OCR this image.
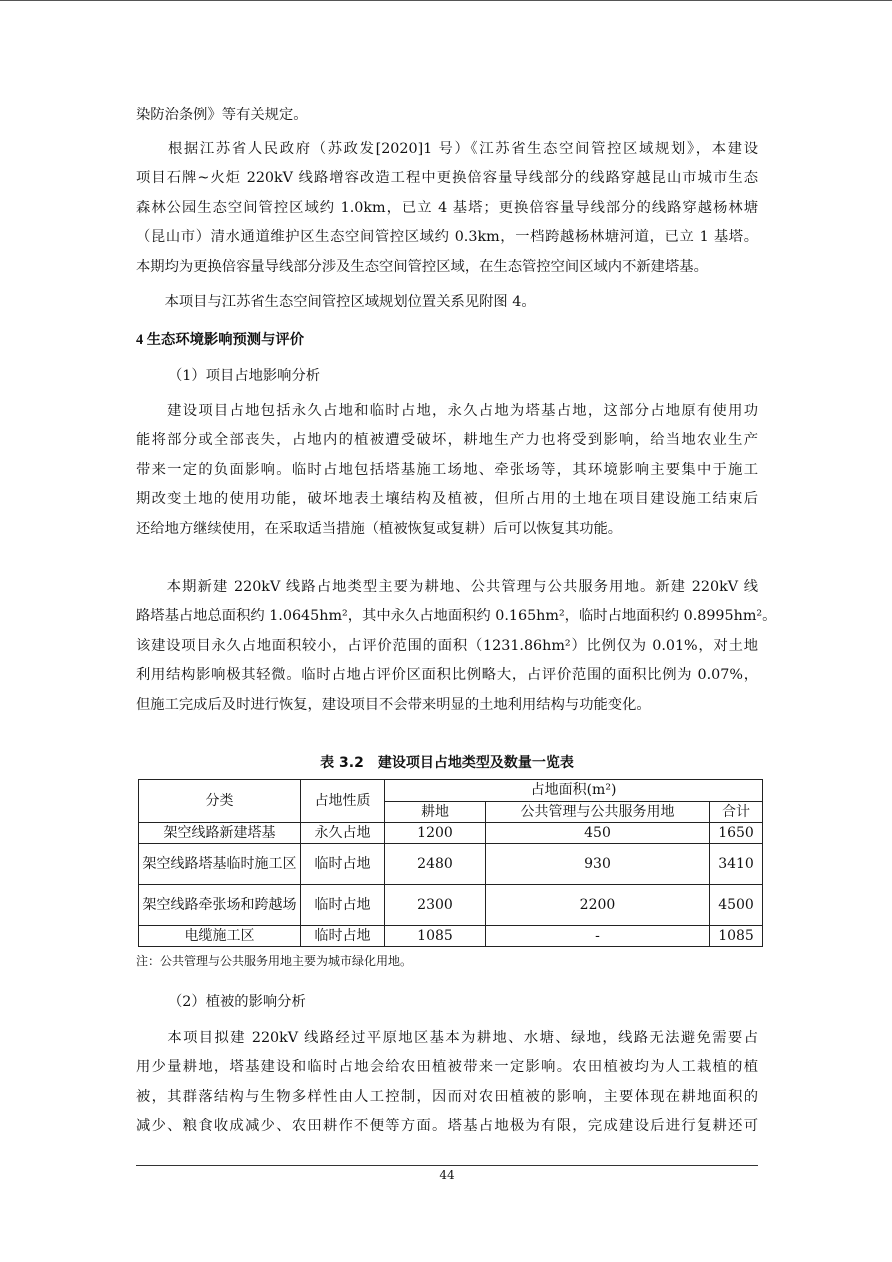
染防治条例》等有关规定。
　　根据江苏省人民政府（苏政发[2020]1 号）《江苏省生态空间管控区域规划》，本建设
项目石牌~火炬 220kV 线路增容改造工程中更换倍容量导线部分的线路穿越昆山市城市生态
森林公园生态空间管控区域约 1.0km，已立 4 基塔；更换倍容量导线部分的线路穿越杨林塘
（昆山市）清水通道维护区生态空间管控区域约 0.3km，一档跨越杨林塘河道，已立 1 基塔。
本期均为更换倍容量导线部分涉及生态空间管控区域，在生态管控空间区域内不新建塔基。
　　本项目与江苏省生态空间管控区域规划位置关系见附图 4。
4 生态环境影响预测与评价
（1）项目占地影响分析
　　建设项目占地包括永久占地和临时占地，永久占地为塔基占地，这部分占地原有使用功
能将部分或全部丧失，占地内的植被遭受破坏，耕地生产力也将受到影响，给当地农业生产
带来一定的负面影响。临时占地包括塔基施工场地、牵张场等，其环境影响主要集中于施工
期改变土地的使用功能，破坏地表土壤结构及植被，但所占用的土地在项目建设施工结束后
还给地方继续使用，在采取适当措施（植被恢复或复耕）后可以恢复其功能。
　　本期新建 220kV 线路占地类型主要为耕地、公共管理与公共服务用地。新建 220kV 线
路塔基占地总面积约 1.0645hm²，其中永久占地面积约 0.165hm²，临时占地面积约 0.8995hm²。
该建设项目永久占地面积较小，占评价范围的面积（1231.86hm²）比例仅为 0.01%，对土地
利用结构影响极其轻微。临时占地占评价区面积比例略大，占评价范围的面积比例为 0.07%，
但施工完成后及时进行恢复，建设项目不会带来明显的土地利用结构与功能变化。
表 3.2　建设项目占地类型及数量一览表
分类	占地性质	占地面积(m²)		
		耕地	公共管理与公共服务用地	合计
架空线路新建塔基	永久占地	1200	450	1650
架空线路塔基临时施工区	临时占地	2480	930	3410
架空线路牵张场和跨越场	临时占地	2300	2200	4500
电缆施工区	临时占地	1085	-	1085
注：公共管理与公共服务用地主要为城市绿化用地。
（2）植被的影响分析
　　本项目拟建 220kV 线路经过平原地区基本为耕地、水塘、绿地，线路无法避免需要占
用少量耕地，塔基建设和临时占地会给农田植被带来一定影响。农田植被均为人工栽植的植
被，其群落结构与生物多样性由人工控制，因而对农田植被的影响，主要体现在耕地面积的
减少、粮食收成减少、农田耕作不便等方面。塔基占地极为有限，完成建设后进行复耕还可
44
